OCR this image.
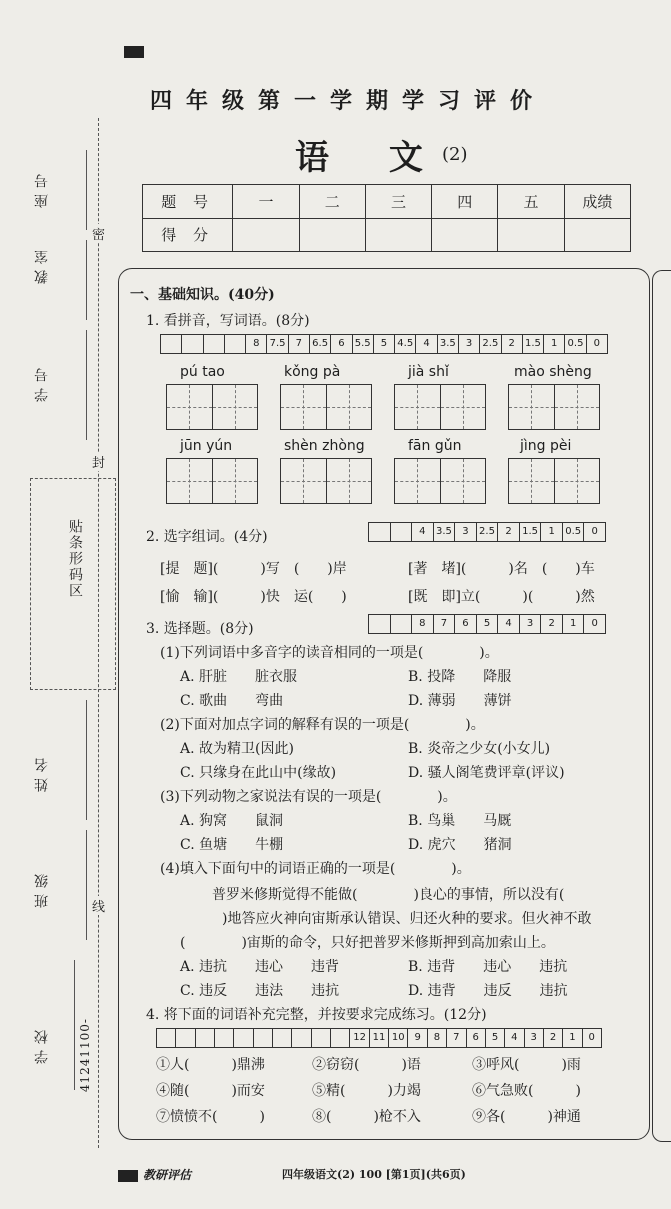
四年级第一学期学习评价
语 文
(2)
题 号	一	二	三	四	五	成绩
得 分						
座号
教室
学号
姓名
班级
学校
密
封
线
贴条形码区
41241100-
一、基础知识。(40分)
1. 看拼音，写词语。(8分)
8	7.5	7	6.5	6	5.5	5	4.5	4	3.5	3	2.5	2	1.5	1	0.5	0
pú tao	kǒng pà	jià shǐ	mào shèng
jūn yún	shèn zhòng	fān gǔn	jìng pèi
2. 选字组词。(4分)	4	3.5	3	2.5	2	1.5	1	0.5	0
[提　题](　　　)写　(　　)岸	[著　堵](　　　)名　(　　)车
[愉　输](　　　)快　运(　　)	[既　即]立(　　　)(　　　)然
3. 选择题。(8分)	8	7	6	5	4	3	2	1	0
(1)下列词语中多音字的读音相同的一项是(　　　　)。
A. 肝脏　　脏衣服	B. 投降　　降服
C. 歌曲　　弯曲	D. 薄弱　　薄饼
(2)下面对加点字词的解释有误的一项是(　　　　)。
A. 故为精卫(因此)	B. 炎帝之少女(小女儿)
C. 只缘身在此山中(缘故)	D. 骚人阁笔费评章(评议)
(3)下列动物之家说法有误的一项是(　　　　)。
A. 狗窝　　鼠洞	B. 鸟巢　　马厩
C. 鱼塘　　牛棚	D. 虎穴　　猪洞
(4)填入下面句中的词语正确的一项是(　　　　)。
普罗米修斯觉得不能做(　　　　)良心的事情，所以没有(
)地答应火神向宙斯承认错误、归还火种的要求。但火神不敢
(　　　　)宙斯的命令，只好把普罗米修斯押到高加索山上。
A. 违抗　　违心　　违背	B. 违背　　违心　　违抗
C. 违反　　违法　　违抗	D. 违背　　违反　　违抗
4. 将下面的词语补充完整，并按要求完成练习。(12分)
12 11 10 9	8	7	6	5	4	3	2	1	0
①人(　　　)鼎沸	②窃窃(　　　)语	③呼风(　　　)雨
④随(　　　)而安	⑤精(　　　)力竭	⑥气急败(　　　)
⑦愤愤不(　　　)	⑧(　　　)枪不入	⑨各(　　　)神通
教研评估	四年级语文(2) 100 [第1页](共6页)
